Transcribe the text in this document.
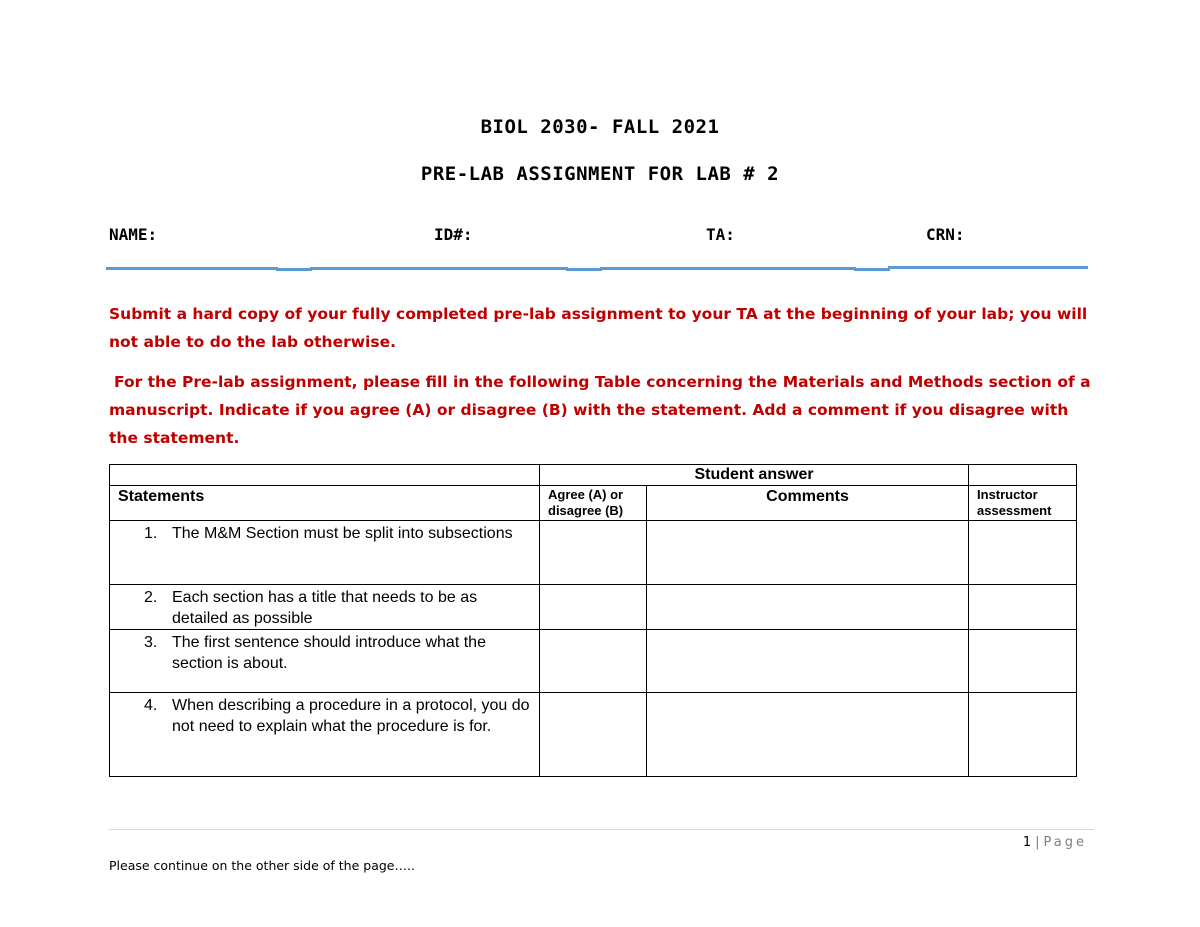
BIOL 2030- FALL 2021
PRE-LAB ASSIGNMENT FOR LAB # 2
NAME:	ID#:	TA:	CRN:
Submit a hard copy of your fully completed pre-lab assignment to your TA at the beginning of your lab; you will not able to do the lab otherwise.
For the Pre-lab assignment, please fill in the following Table concerning the Materials and Methods section of a manuscript. Indicate if you agree (A) or disagree (B) with the statement. Add a comment if you disagree with the statement.
	Student answer		
Statements	Agree (A) or disagree (B)	Comments	Instructor assessment

1. The M&M Section must be split into subsections			

2. Each section has a title that needs to be as detailed as possible			

3. The first sentence should introduce what the section is about.			

4. When describing a procedure in a protocol, you do not need to explain what the procedure is for.			

1 | Page
Please continue on the other side of the page…..
